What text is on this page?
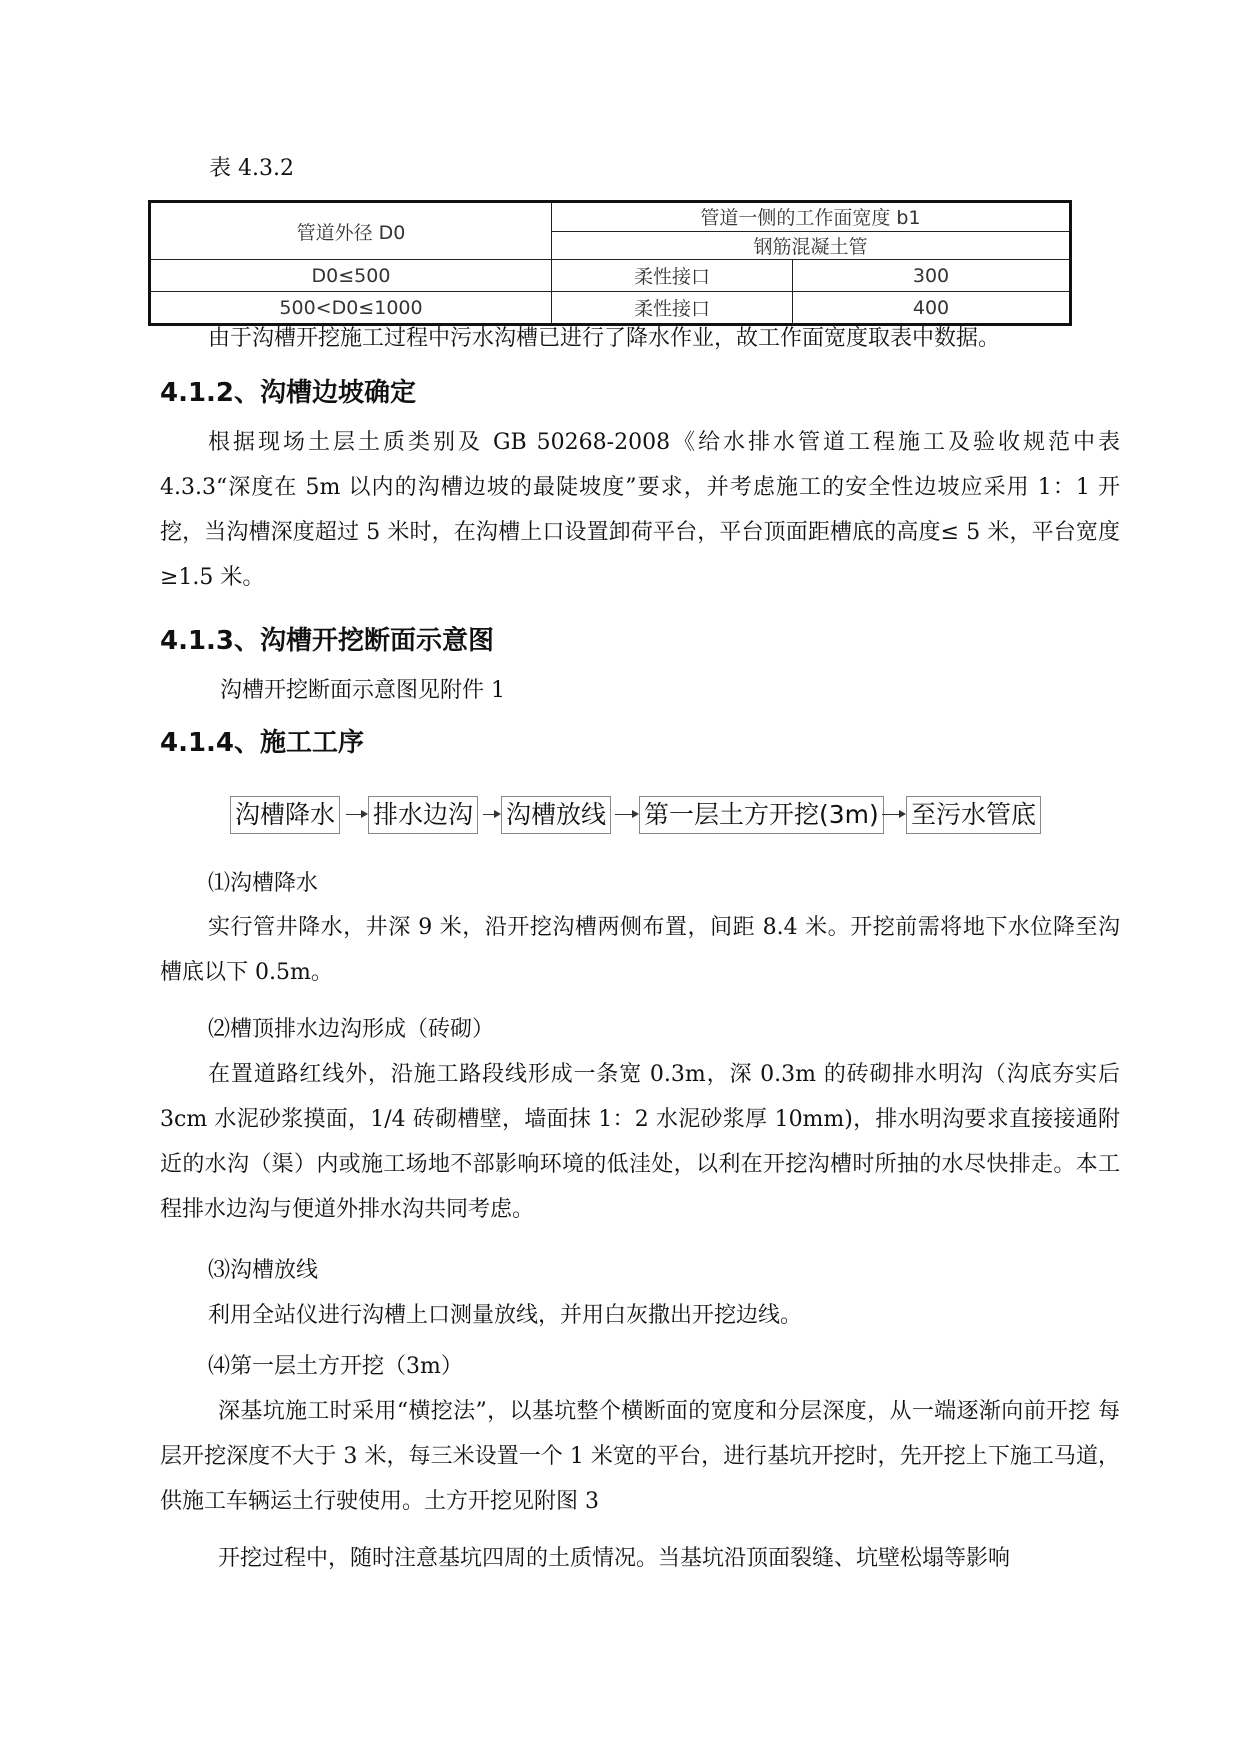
表 4.3.2
管道外径 D0	管道一侧的工作面宽度 b1	
	钢筋混凝土管	
D0≤500	柔性接口	300
500<D0≤1000	柔性接口	400

由于沟槽开挖施工过程中污水沟槽已进行了降水作业，故工作面宽度取表中数据。

4.1.2、沟槽边坡确定

根据现场土层土质类别及 GB 50268-2008《给水排水管道工程施工及验收规范中表 4.3.3“深度在 5m 以内的沟槽边坡的最陡坡度”要求，并考虑施工的安全性边坡应采用 1：1 开挖，当沟槽深度超过 5 米时，在沟槽上口设置卸荷平台，平台顶面距槽底的高度≤ 5 米，平台宽度≥1.5 米。

4.1.3、沟槽开挖断面示意图

沟槽开挖断面示意图见附件 1

4.1.4、施工工序
沟槽降水 排水边沟 沟槽放线 第一层土方开挖(3m) 至污水管底

⑴沟槽降水

实行管井降水，井深 9 米，沿开挖沟槽两侧布置，间距 8.4 米。开挖前需将地下水位降至沟槽底以下 0.5m。

⑵槽顶排水边沟形成（砖砌）

在置道路红线外，沿施工路段线形成一条宽 0.3m，深 0.3m 的砖砌排水明沟（沟底夯实后 3cm 水泥砂浆摸面，1/4 砖砌槽壁，墙面抹 1：2 水泥砂浆厚 10mm)，排水明沟要求直接接通附近的水沟（渠）内或施工场地不部影响环境的低洼处，以利在开挖沟槽时所抽的水尽快排走。本工程排水边沟与便道外排水沟共同考虑。

⑶沟槽放线

利用全站仪进行沟槽上口测量放线，并用白灰撒出开挖边线。

⑷第一层土方开挖（3m）

深基坑施工时采用“横挖法”，以基坑整个横断面的宽度和分层深度，从一端逐渐向前开挖 每层开挖深度不大于 3 米，每三米设置一个 1 米宽的平台，进行基坑开挖时，先开挖上下施工马道，供施工车辆运土行驶使用。土方开挖见附图 3

开挖过程中，随时注意基坑四周的土质情况。当基坑沿顶面裂缝、坑壁松塌等影响
